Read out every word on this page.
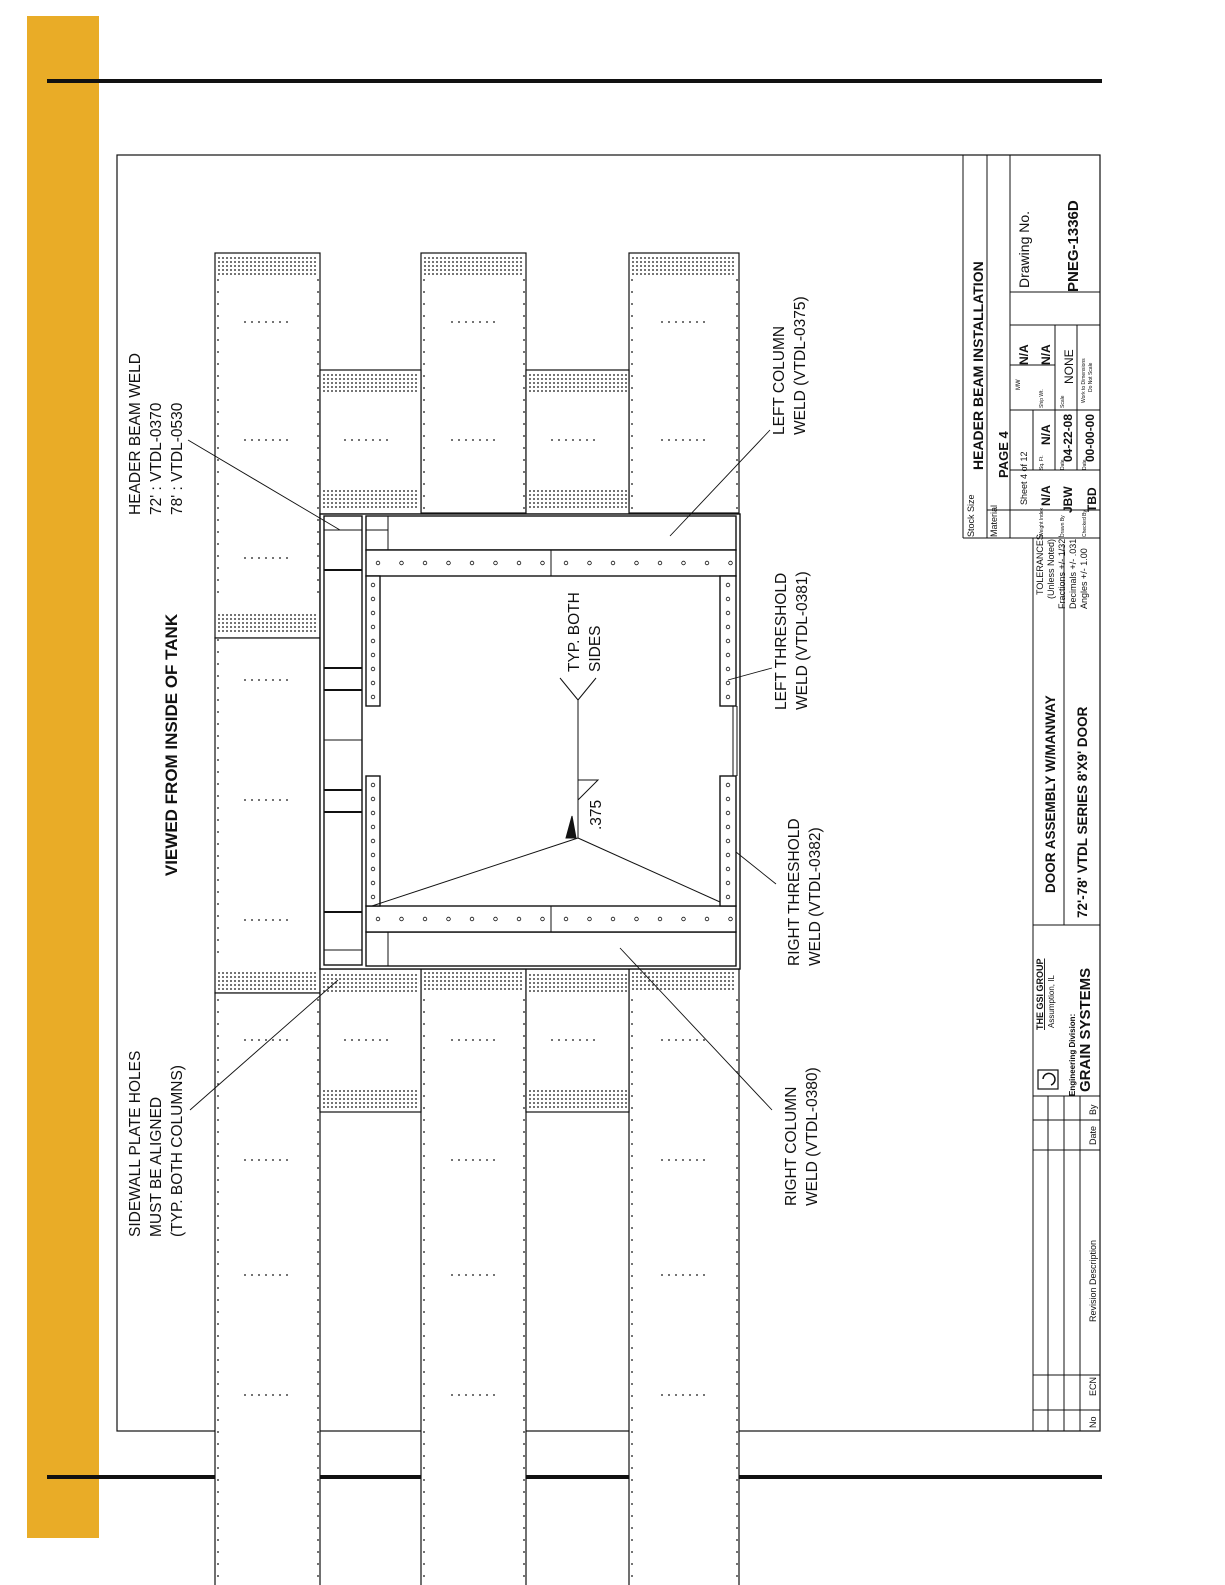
VIEWED FROM INSIDE OF TANK
HEADER BEAM WELD 72' : VTDL-0370 78' : VTDL-0530
SIDEWALL PLATE HOLES MUST BE ALIGNED (TYP. BOTH COLUMNS)
LEFT COLUMN WELD (VTDL-0375)
RIGHT COLUMN WELD (VTDL-0380)
LEFT THRESHOLD WELD (VTDL-0381)
RIGHT THRESHOLD WELD (VTDL-0382)
TYP. BOTH SIDES
.375
Stock Size
HEADER BEAM INSTALLATION
Material
PAGE 4 Sheet 4 of 12
Weight Index
N/A
Sq. Ft.
N/A
MW
N/A
Drawn By
JBW
Date
04-22-08
Ship Wt.
N/A
Checked By
TBD
Date
00-00-00
Scale
NONE Work to Dimensions Do Not Scale
Drawing No. PNEG-1336D
TOLERANCES (Unless Noted) Fractions +/- 1/32" Decimals +/- .031 Angles +/- 1.00
DOOR ASSEMBLY W/MANWAY 72'-78' VTDL SERIES 8'X9' DOOR
THE GSI GROUP Assumption, IL
Engineering Division: GRAIN SYSTEMS
No
ECN
Revision Description
Date
By
